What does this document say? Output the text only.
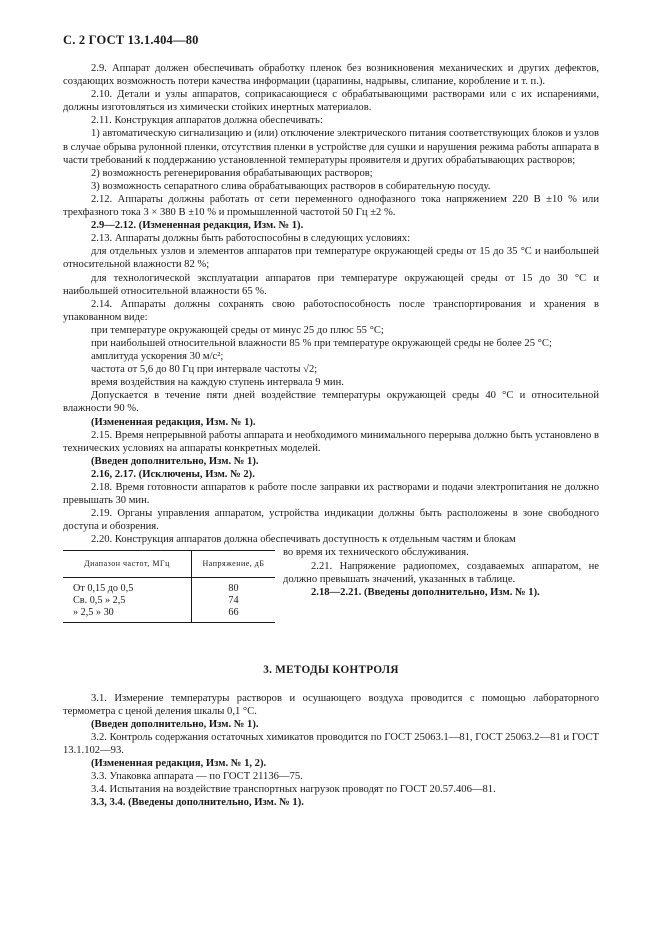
С. 2 ГОСТ 13.1.404—80

2.9. Аппарат должен обеспечивать обработку пленок без возникновения механических и других дефектов, создающих возможность потери качества информации (царапины, надрывы, слипание, коробление и т. п.).

2.10. Детали и узлы аппаратов, соприкасающиеся с обрабатывающими растворами или с их испарениями, должны изготовляться из химически стойких инертных материалов.

2.11. Конструкция аппаратов должна обеспечивать:

1) автоматическую сигнализацию и (или) отключение электрического питания соответствующих блоков и узлов в случае обрыва рулонной пленки, отсутствия пленки в устройстве для сушки и нарушения режима работы аппарата в части требований к поддержанию установленной температуры проявителя и других обрабатывающих растворов;

2) возможность регенерирования обрабатывающих растворов;

3) возможность сепаратного слива обрабатывающих растворов в собирательную посуду.

2.12. Аппараты должны работать от сети переменного однофазного тока напряжением 220 В ±10 % или трехфазного тока 3 × 380 В ±10 % и промышленной частотой 50 Гц ±2 %.

2.9—2.12. (Измененная редакция, Изм. № 1).

2.13. Аппараты должны быть работоспособны в следующих условиях:

для отдельных узлов и элементов аппаратов при температуре окружающей среды от 15 до 35 °С и наибольшей относительной влажности 82 %;

для технологической эксплуатации аппаратов при температуре окружающей среды от 15 до 30 °С и наибольшей относительной влажности 65 %.

2.14. Аппараты должны сохранять свою работоспособность после транспортирования и хранения в упакованном виде:

при температуре окружающей среды от минус 25 до плюс 55 °С;

при наибольшей относительной влажности 85 % при температуре окружающей среды не более 25 °С;

амплитуда ускорения 30 м/с²;

частота от 5,6 до 80 Гц при интервале частоты √2;

время воздействия на каждую ступень интервала 9 мин.

Допускается в течение пяти дней воздействие температуры окружающей среды 40 °С и относительной влажности 90 %.

(Измененная редакция, Изм. № 1).

2.15. Время непрерывной работы аппарата и необходимого минимального перерыва должно быть установлено в технических условиях на аппараты конкретных моделей.

(Введен дополнительно, Изм. № 1).

2.16, 2.17. (Исключены, Изм. № 2).

2.18. Время готовности аппаратов к работе после заправки их растворами и подачи электропитания не должно превышать 30 мин.

2.19. Органы управления аппаратом, устройства индикации должны быть расположены в зоне свободного доступа и обозрения.

2.20. Конструкция аппаратов должна обеспечивать доступность к отдельным частям и блокам

Диапазон частот, МГц	Напряжение, дБ
От 0,15 до 0,5	80
Св. 0,5 » 2,5	74
» 2,5 » 30	66

во время их технического обслуживания.

2.21. Напряжение радиопомех, создаваемых аппаратом, не должно превышать значений, указанных в таблице.

2.18—2.21. (Введены дополнительно, Изм. № 1).

3. МЕТОДЫ КОНТРОЛЯ

3.1. Измерение температуры растворов и осушающего воздуха проводится с помощью лабораторного термометра с ценой деления шкалы 0,1 °С.

(Введен дополнительно, Изм. № 1).

3.2. Контроль содержания остаточных химикатов проводится по ГОСТ 25063.1—81, ГОСТ 25063.2—81 и ГОСТ 13.1.102—93.

(Измененная редакция, Изм. № 1, 2).

3.3. Упаковка аппарата — по ГОСТ 21136—75.

3.4. Испытания на воздействие транспортных нагрузок проводят по ГОСТ 20.57.406—81.

3.3, 3.4. (Введены дополнительно, Изм. № 1).
